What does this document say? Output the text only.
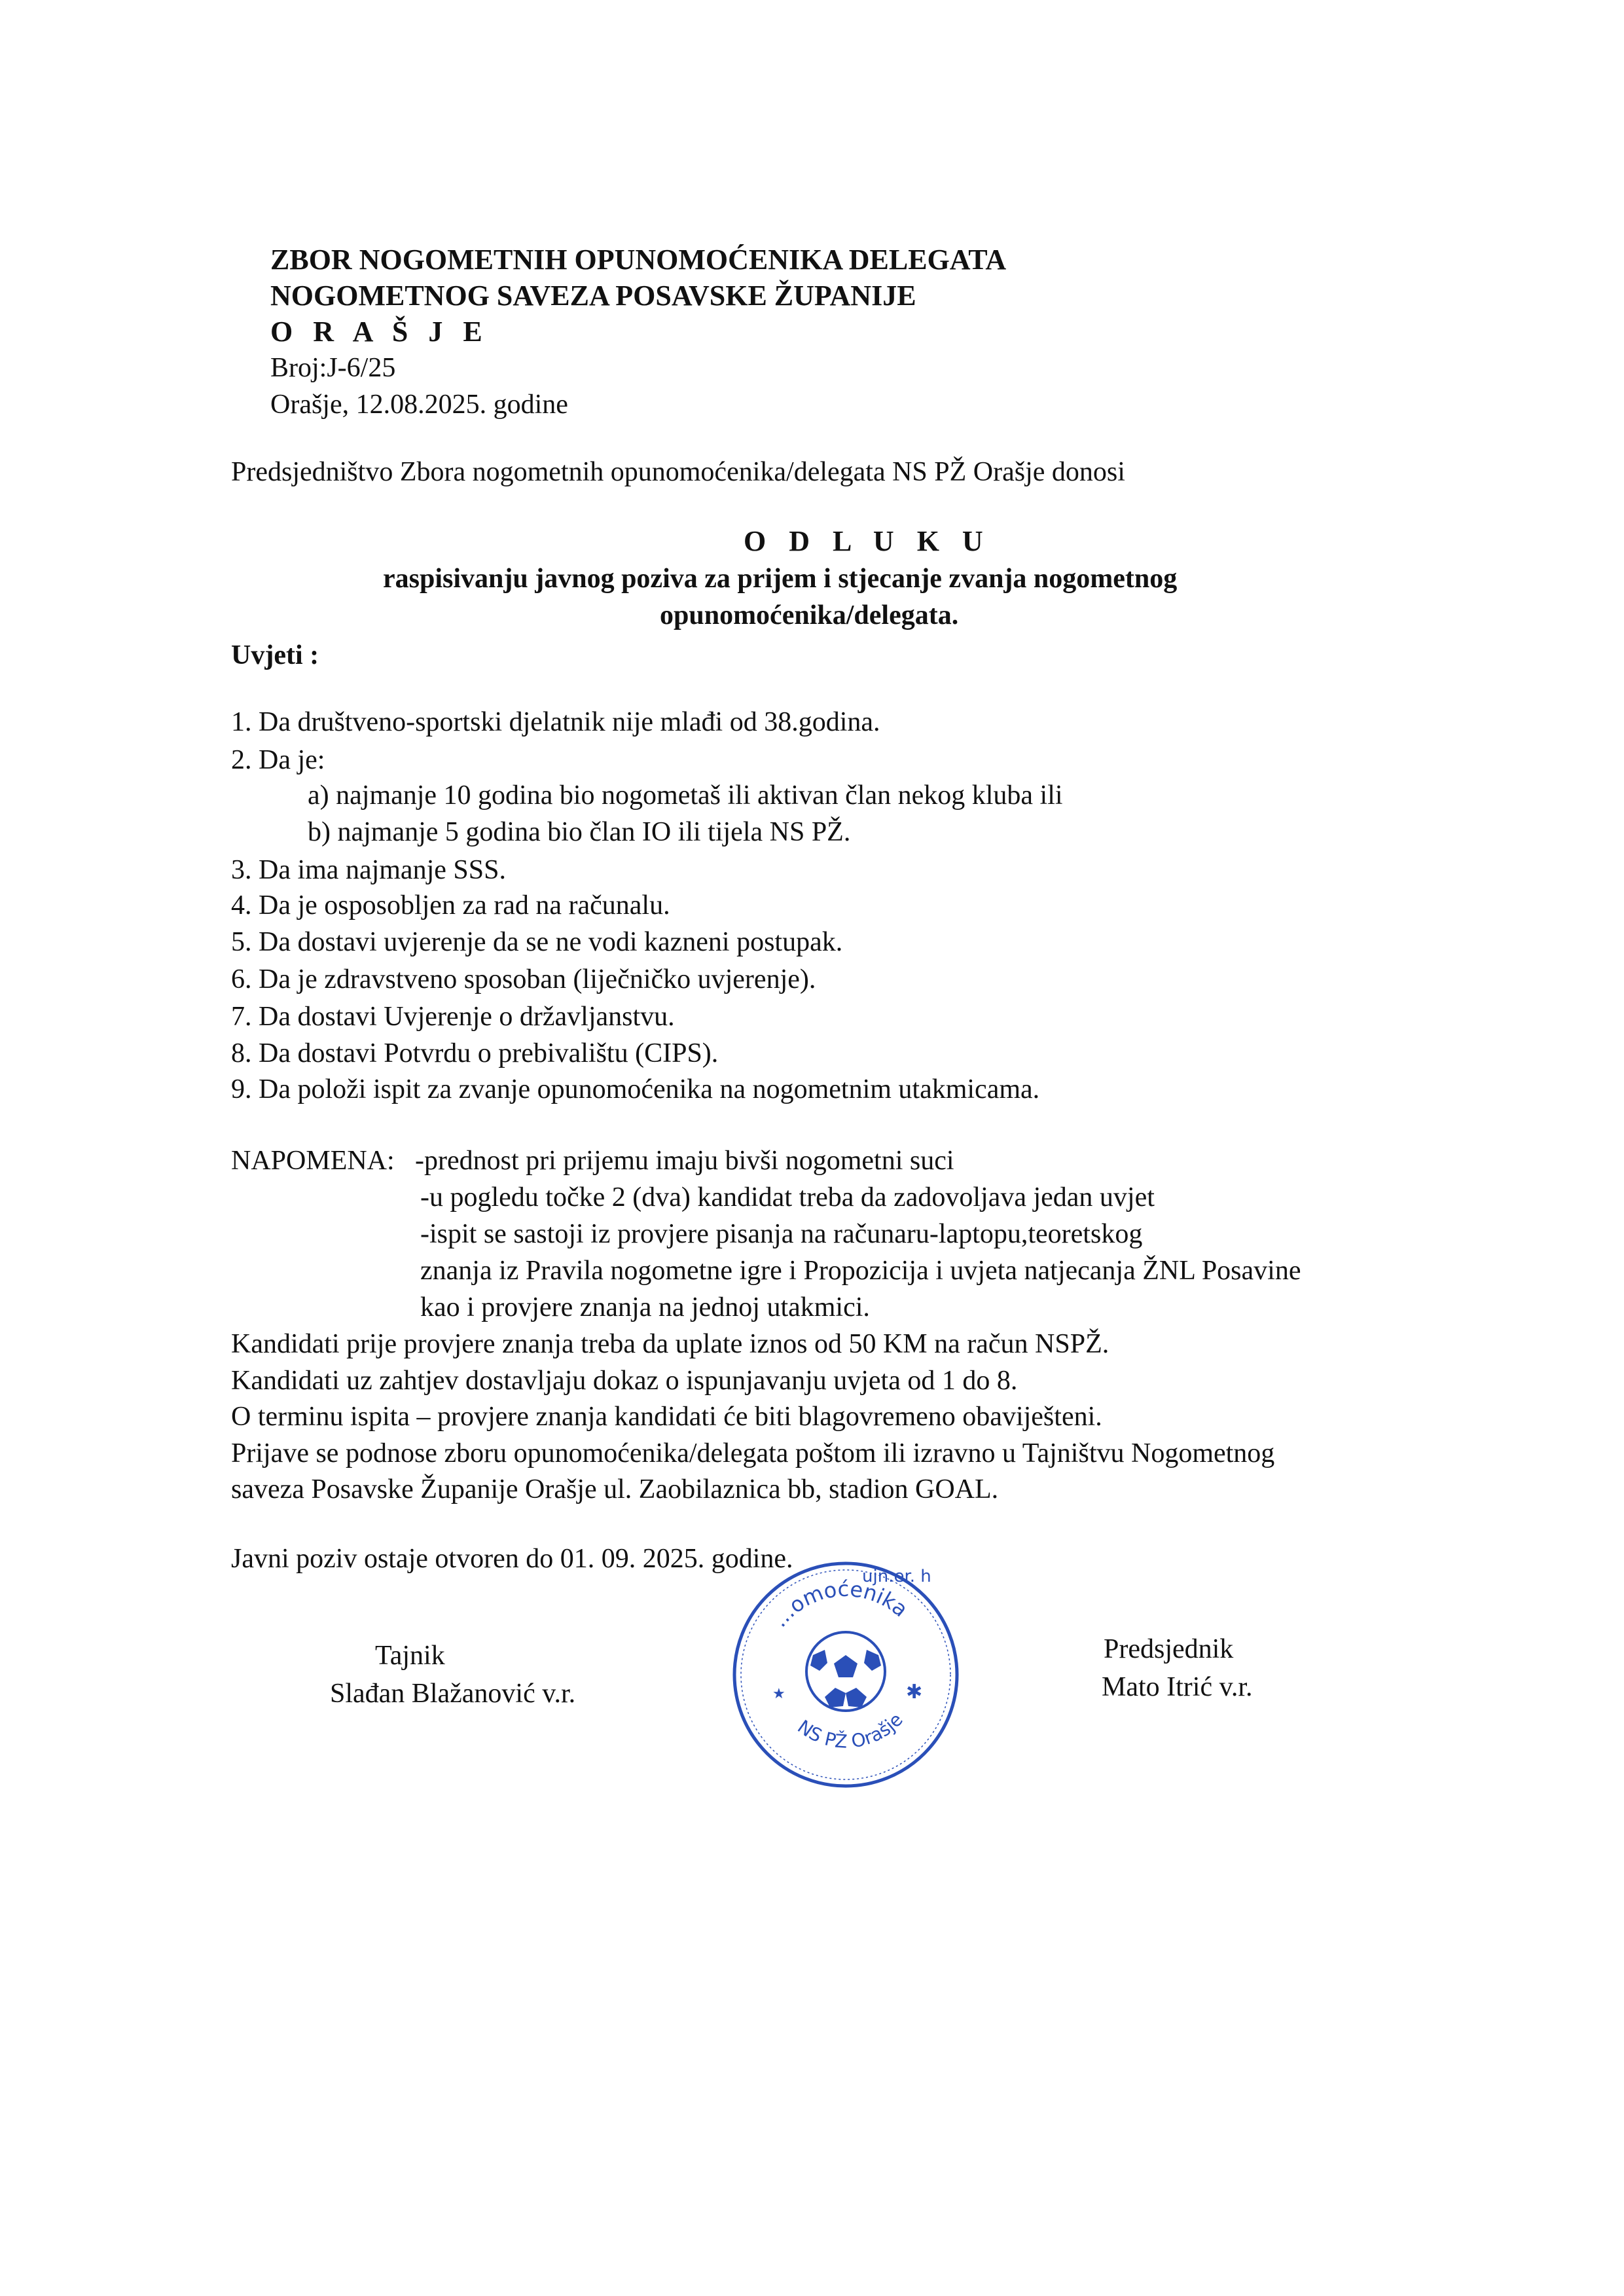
ZBOR NOGOMETNIH OPUNOMOĆENIKA DELEGATA
NOGOMETNOG SAVEZA POSAVSKE ŽUPANIJE
O R A Š J E
Broj:J-6/25
Orašje, 12.08.2025. godine
Predsjedništvo Zbora nogometnih opunomoćenika/delegata NS PŽ Orašje donosi
O D L U K U
raspisivanju javnog poziva za prijem i stjecanje zvanja nogometnog
opunomoćenika/delegata.
Uvjeti :
1. Da društveno-sportski djelatnik nije mlađi od 38.godina.
2. Da je:
a) najmanje 10 godina bio nogometaš ili aktivan član nekog kluba ili
b) najmanje 5 godina bio član IO ili tijela NS PŽ.
3. Da ima najmanje SSS.
4. Da je osposobljen za rad na računalu.
5. Da dostavi uvjerenje da se ne vodi kazneni postupak.
6. Da je zdravstveno sposoban (liječničko uvjerenje).
7. Da dostavi Uvjerenje o državljanstvu.
8. Da dostavi Potvrdu o prebivalištu (CIPS).
9. Da položi ispit za zvanje opunomoćenika na nogometnim utakmicama.
NAPOMENA: -prednost pri prijemu imaju bivši nogometni suci
-u pogledu točke 2 (dva) kandidat treba da zadovoljava jedan uvjet
-ispit se sastoji iz provjere pisanja na računaru-laptopu,teoretskog
znanja iz Pravila nogometne igre i Propozicija i uvjeta natjecanja ŽNL Posavine
kao i provjere znanja na jednoj utakmici.
Kandidati prije provjere znanja treba da uplate iznos od 50 KM na račun NSPŽ.
Kandidati uz zahtjev dostavljaju dokaz o ispunjavanju uvjeta od 1 do 8.
O terminu ispita – provjere znanja kandidati će biti blagovremeno obaviješteni.
Prijave se podnose zboru opunomoćenika/delegata poštom ili izravno u Tajništvu Nogometnog
saveza Posavske Županije Orašje ul. Zaobilaznica bb, stadion GOAL.
Javni poziv ostaje otvoren do 01. 09. 2025. godine.
Tajnik
Slađan Blažanović v.r.
Predsjednik
Mato Itrić v.r.
...omoćenika
ujn.er. h
NS PŽ Orašje
★	✱
